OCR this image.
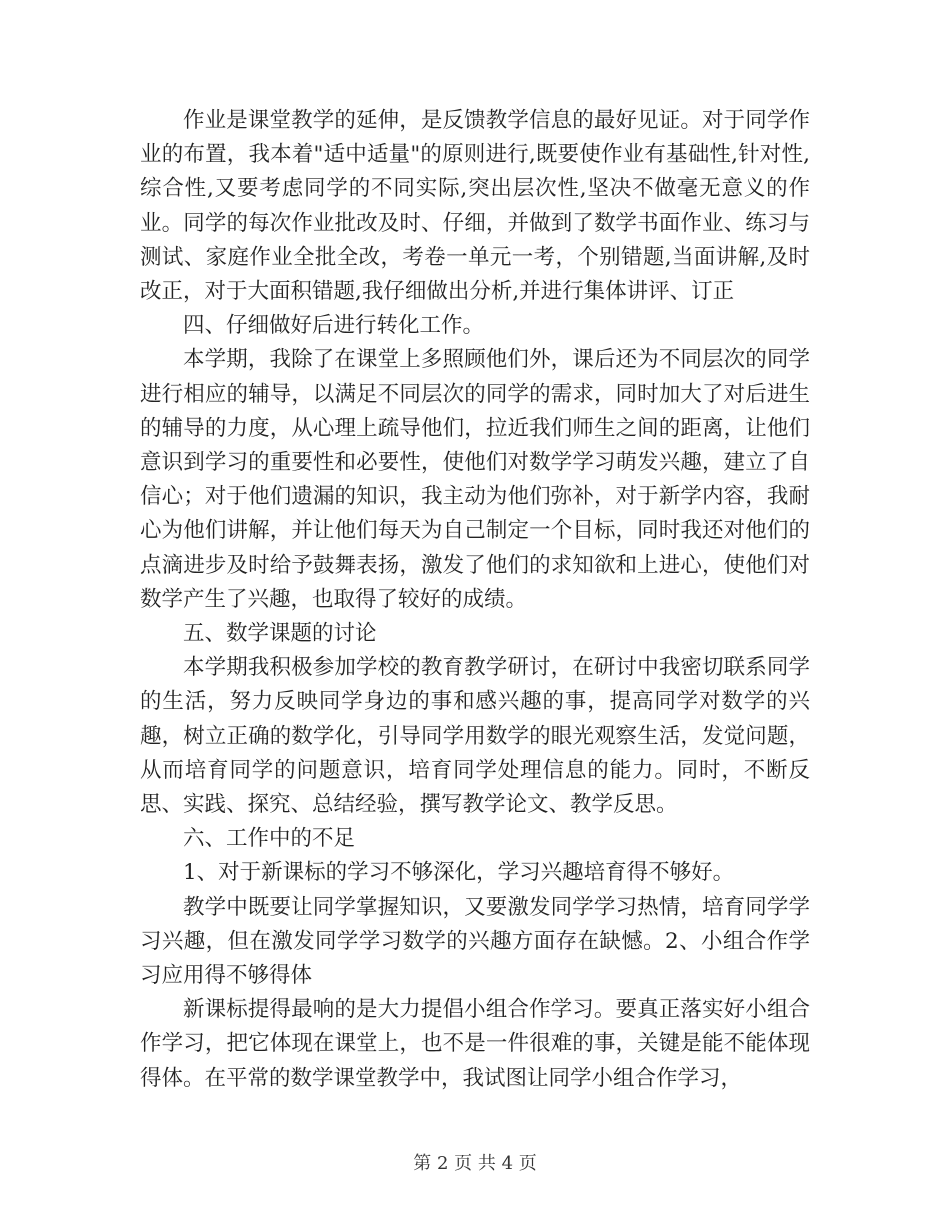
作业是课堂教学的延伸，是反馈教学信息的最好见证。对于同学作业的布置，我本着"适中适量"的原则进行,既要使作业有基础性,针对性,综合性,又要考虑同学的不同实际,突出层次性,坚决不做毫无意义的作业。同学的每次作业批改及时、仔细，并做到了数学书面作业、练习与测试、家庭作业全批全改，考卷一单元一考，个别错题,当面讲解,及时改正，对于大面积错题,我仔细做出分析,并进行集体讲评、订正

四、仔细做好后进行转化工作。

本学期，我除了在课堂上多照顾他们外，课后还为不同层次的同学进行相应的辅导，以满足不同层次的同学的需求，同时加大了对后进生的辅导的力度，从心理上疏导他们，拉近我们师生之间的距离，让他们意识到学习的重要性和必要性，使他们对数学学习萌发兴趣，建立了自信心；对于他们遗漏的知识，我主动为他们弥补，对于新学内容，我耐心为他们讲解，并让他们每天为自己制定一个目标，同时我还对他们的点滴进步及时给予鼓舞表扬，激发了他们的求知欲和上进心，使他们对数学产生了兴趣，也取得了较好的成绩。

五、数学课题的讨论

本学期我积极参加学校的教育教学研讨，在研讨中我密切联系同学的生活，努力反映同学身边的事和感兴趣的事，提高同学对数学的兴趣，树立正确的数学化，引导同学用数学的眼光观察生活，发觉问题，从而培育同学的问题意识，培育同学处理信息的能力。同时，不断反思、实践、探究、总结经验，撰写教学论文、教学反思。

六、工作中的不足

1、对于新课标的学习不够深化，学习兴趣培育得不够好。

教学中既要让同学掌握知识，又要激发同学学习热情，培育同学学习兴趣，但在激发同学学习数学的兴趣方面存在缺憾。2、小组合作学习应用得不够得体

新课标提得最响的是大力提倡小组合作学习。要真正落实好小组合作学习，把它体现在课堂上，也不是一件很难的事，关键是能不能体现得体。在平常的数学课堂教学中，我试图让同学小组合作学习，

第 2 页 共 4 页
